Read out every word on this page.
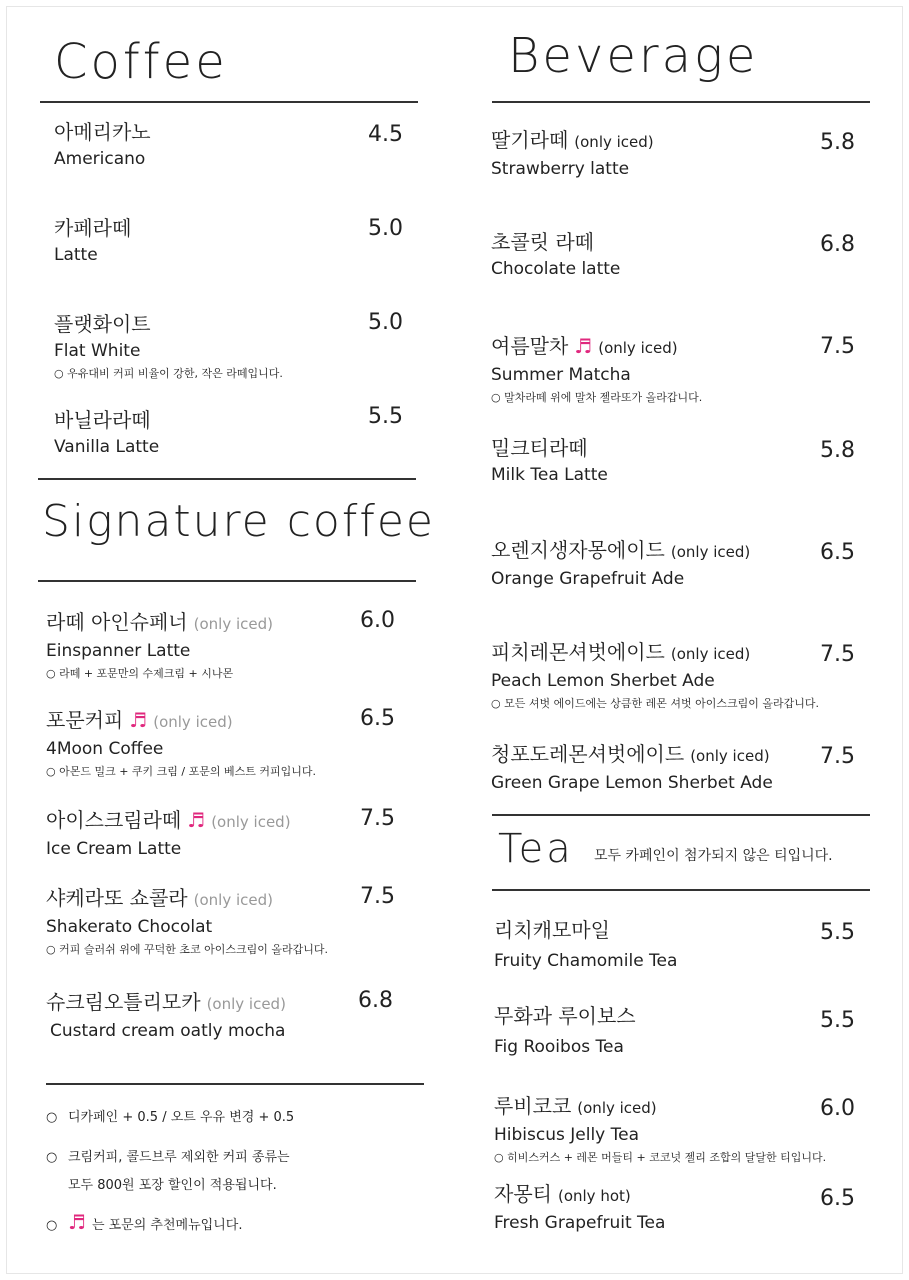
Coffee
아메리카노
Americano
4.5
카페라떼
Latte
5.0
플랫화이트
Flat White
○ 우유대비 커피 비율이 강한, 작은 라떼입니다.
5.0
바닐라라떼
Vanilla Latte
5.5
Signature coffee
라떼 아인슈페너 (only iced)
Einspanner Latte
○ 라떼 + 포문만의 수제크림 + 시나몬
6.0
포문커피 ♬ (only iced)
4Moon Coffee
○ 아몬드 밀크 + 쿠키 크림 / 포문의 베스트 커피입니다.
6.5
아이스크림라떼 ♬ (only iced)
Ice Cream Latte
7.5
샤케라또 쇼콜라 (only iced)
Shakerato Chocolat
○ 커피 슬러쉬 위에 꾸덕한 초코 아이스크림이 올라갑니다.
7.5
슈크림오틀리모카 (only iced)
Custard cream oatly mocha
6.8
○ 디카페인 + 0.5 / 오트 우유 변경 + 0.5
○ 크림커피, 콜드브루 제외한 커피 종류는
모두 800원 포장 할인이 적용됩니다.
○ ♬ 는 포문의 추천메뉴입니다.
Beverage
딸기라떼 (only iced)
Strawberry latte
5.8
초콜릿 라떼
Chocolate latte
6.8
여름말차 ♬ (only iced)
Summer Matcha
○ 말차라떼 위에 말차 젤라또가 올라갑니다.
7.5
밀크티라떼
Milk Tea Latte
5.8
오렌지생자몽에이드 (only iced)
Orange Grapefruit Ade
6.5
피치레몬셔벗에이드 (only iced)
Peach Lemon Sherbet Ade
○ 모든 셔벗 에이드에는 상큼한 레몬 셔벗 아이스크림이 올라갑니다.
7.5
청포도레몬셔벗에이드 (only iced)
Green Grape Lemon Sherbet Ade
7.5
Tea 모두 카페인이 첨가되지 않은 티입니다.
리치캐모마일
Fruity Chamomile Tea
5.5
무화과 루이보스
Fig Rooibos Tea
5.5
루비코코 (only iced)
Hibiscus Jelly Tea
○ 히비스커스 + 레몬 머들티 + 코코넛 젤리 조합의 달달한 티입니다.
6.0
자몽티 (only hot)
Fresh Grapefruit Tea
6.5
